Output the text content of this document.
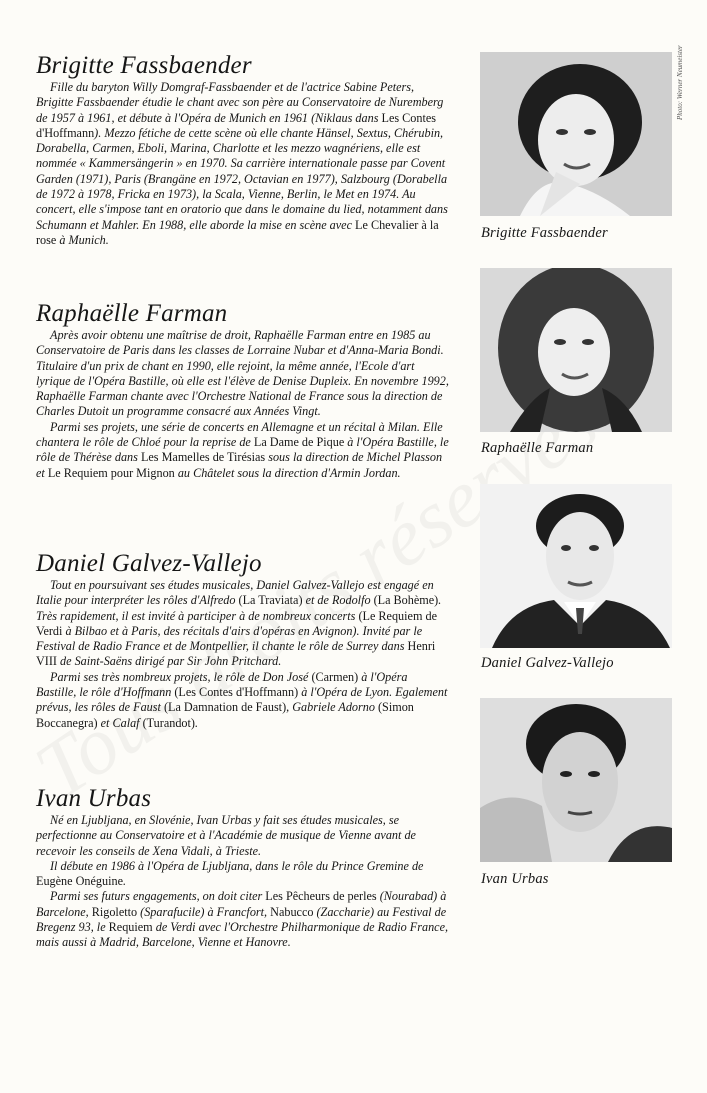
Brigitte Fassbaender

Fille du baryton Willy Domgraf-Fassbaender et de l'actrice Sabine Peters, Brigitte Fassbaender étudie le chant avec son père au Conservatoire de Nuremberg de 1957 à 1961, et débute à l'Opéra de Munich en 1961 (Niklaus dans Les Contes d'Hoffmann). Mezzo fétiche de cette scène où elle chante Hänsel, Sextus, Chérubin, Dorabella, Carmen, Eboli, Marina, Charlotte et les mezzo wagnériens, elle est nommée « Kammersängerin » en 1970. Sa carrière internationale passe par Covent Garden (1971), Paris (Brangäne en 1972, Octavian en 1977), Salzbourg (Dorabella de 1972 à 1978, Fricka en 1973), la Scala, Vienne, Berlin, le Met en 1974. Au concert, elle s'impose tant en oratorio que dans le domaine du lied, notamment dans Schumann et Mahler. En 1988, elle aborde la mise en scène avec Le Chevalier à la rose à Munich.

Raphaëlle Farman

Après avoir obtenu une maîtrise de droit, Raphaëlle Farman entre en 1985 au Conservatoire de Paris dans les classes de Lorraine Nubar et d'Anna-Maria Bondi. Titulaire d'un prix de chant en 1990, elle rejoint, la même année, l'Ecole d'art lyrique de l'Opéra Bastille, où elle est l'élève de Denise Dupleix. En novembre 1992, Raphaëlle Farman chante avec l'Orchestre National de France sous la direction de Charles Dutoit un programme consacré aux Années Vingt.

Parmi ses projets, une série de concerts en Allemagne et un récital à Milan. Elle chantera le rôle de Chloé pour la reprise de La Dame de Pique à l'Opéra Bastille, le rôle de Thérèse dans Les Mamelles de Tirésias sous la direction de Michel Plasson et Le Requiem pour Mignon au Châtelet sous la direction d'Armin Jordan.

Daniel Galvez-Vallejo

Tout en poursuivant ses études musicales, Daniel Galvez-Vallejo est engagé en Italie pour interpréter les rôles d'Alfredo (La Traviata) et de Rodolfo (La Bohème). Très rapidement, il est invité à participer à de nombreux concerts (Le Requiem de Verdi à Bilbao et à Paris, des récitals d'airs d'opéras en Avignon). Invité par le Festival de Radio France et de Montpellier, il chante le rôle de Surrey dans Henri VIII de Saint-Saëns dirigé par Sir John Pritchard.

Parmi ses très nombreux projets, le rôle de Don José (Carmen) à l'Opéra Bastille, le rôle d'Hoffmann (Les Contes d'Hoffmann) à l'Opéra de Lyon. Egalement prévus, les rôles de Faust (La Damnation de Faust), Gabriele Adorno (Simon Boccanegra) et Calaf (Turandot).

Ivan Urbas

Né en Ljubljana, en Slovénie, Ivan Urbas y fait ses études musicales, se perfectionne au Conservatoire et à l'Académie de musique de Vienne avant de recevoir les conseils de Xena Vidali, à Trieste.

Il débute en 1986 à l'Opéra de Ljubljana, dans le rôle du Prince Gremine de Eugène Onéguine.

Parmi ses futurs engagements, on doit citer Les Pêcheurs de perles (Nourabad) à Barcelone, Rigoletto (Sparafucile) à Francfort, Nabucco (Zaccharie) au Festival de Bregenz 93, le Requiem de Verdi avec l'Orchestre Philharmonique de Radio France, mais aussi à Madrid, Barcelone, Vienne et Hanovre.

Photo: Werner Neumeister
Brigitte Fassbaender
Raphaëlle Farman
Daniel Galvez-Vallejo
Ivan Urbas
